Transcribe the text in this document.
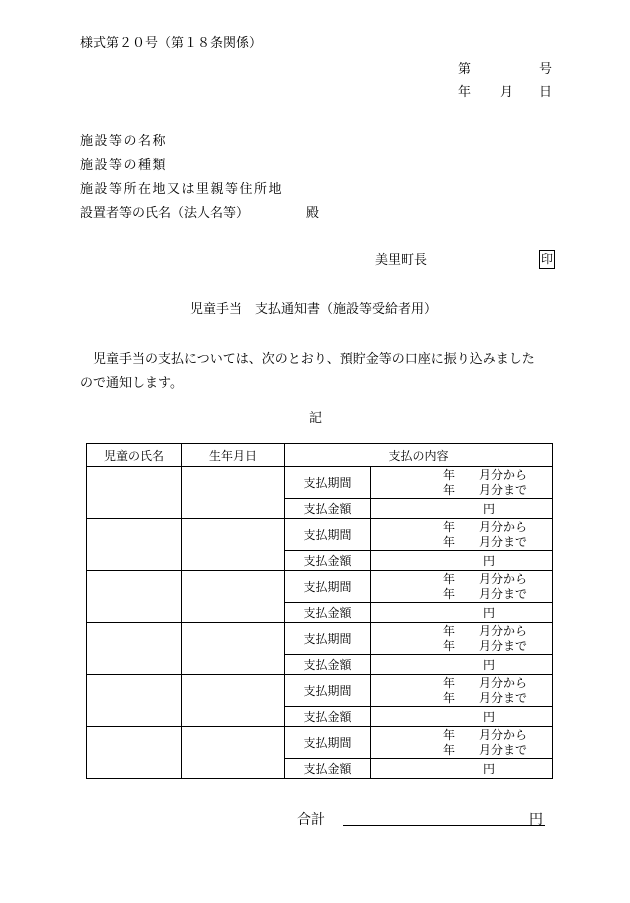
様式第２０号（第１８条関係）
第	号
年 月 日
施設等の名称
施設等の種類
施設等所在地又は里親等住所地
設置者等の氏名（法人名等）	殿
美里町長	印
児童手当　支払通知書（施設等受給者用）
児童手当の支払については、次のとおり、預貯金等の口座に振り込みました
ので通知します。
記
児童の氏名	生年月日	支払の内容	
		支払期間	年 月分から
年 月分まで

		支払金額	円
		支払期間	年 月分から
年 月分まで

		支払金額	円
		支払期間	年 月分から
年 月分まで

		支払金額	円
		支払期間	年 月分から
年 月分まで

		支払金額	円
		支払期間	年 月分から
年 月分まで

		支払金額	円
		支払期間	年 月分から
年 月分まで

		支払金額	円
合計	円
